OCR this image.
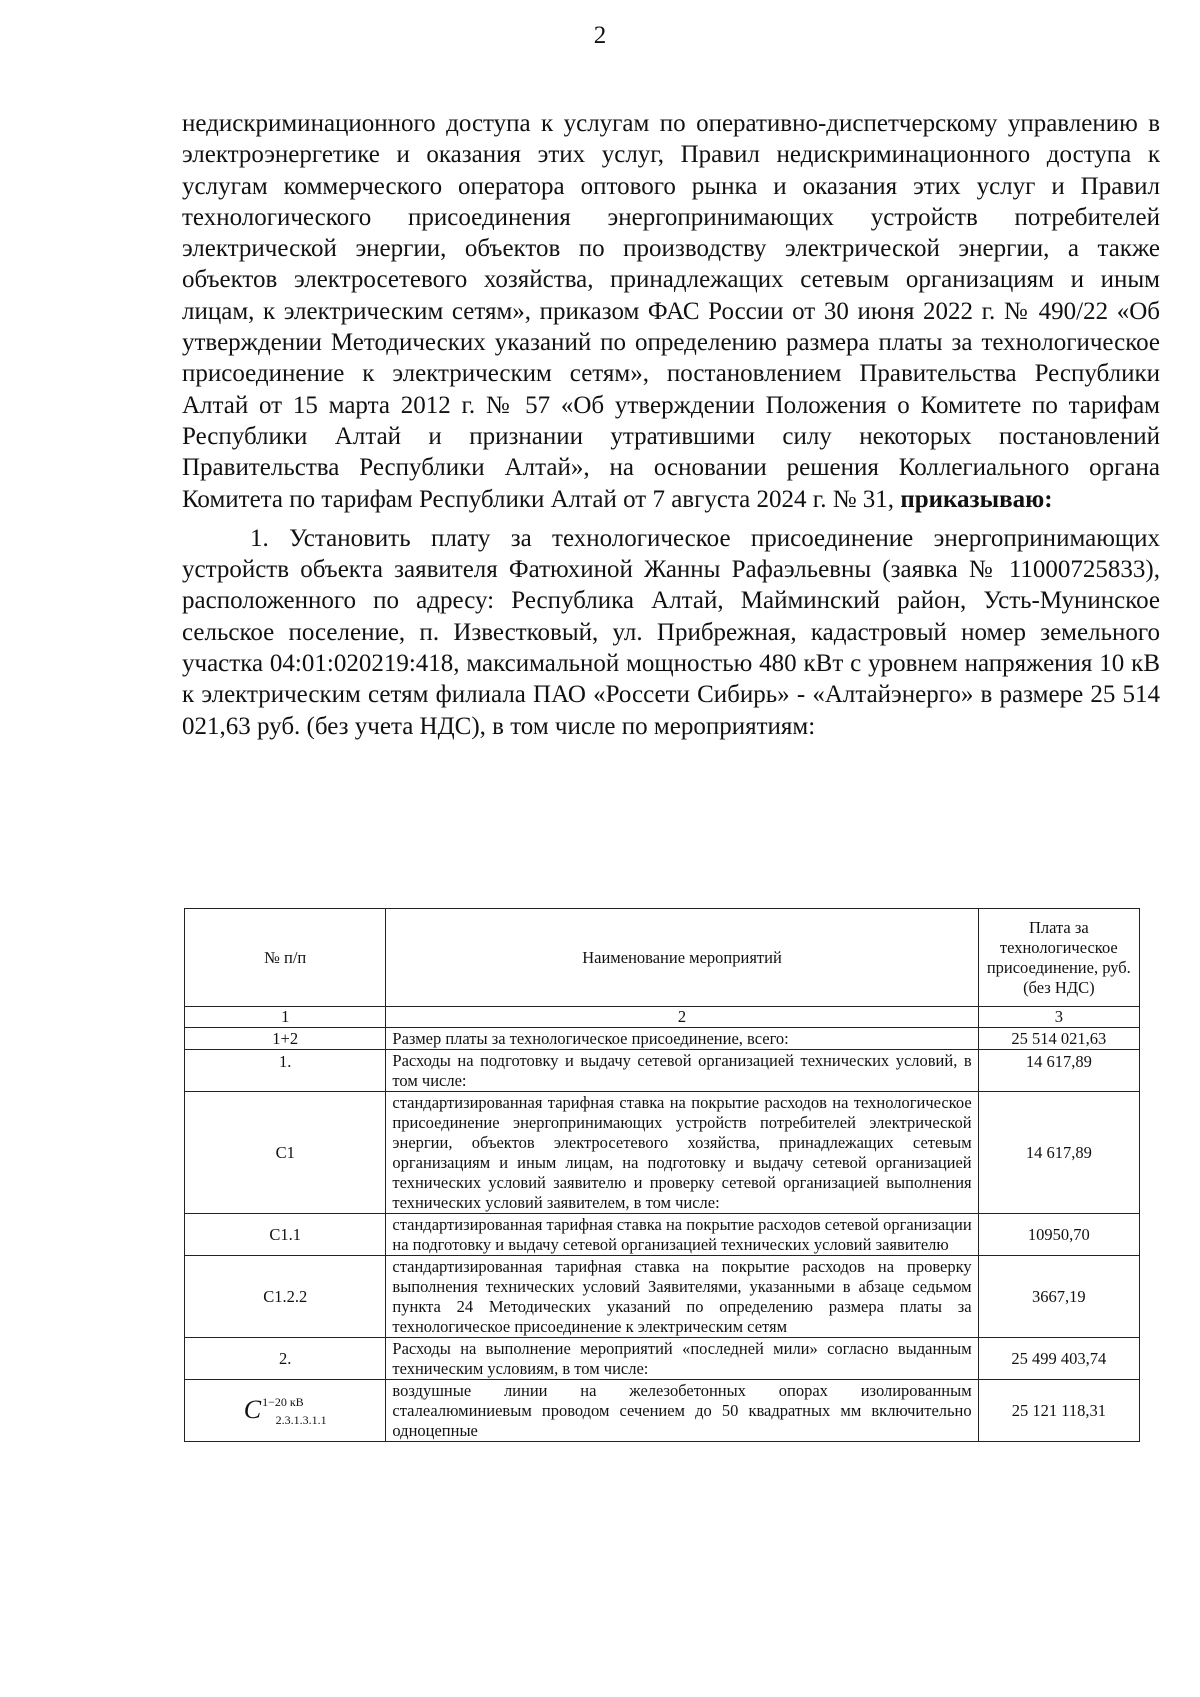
2

недискриминационного доступа к услугам по оперативно-диспетчерскому управлению в электроэнергетике и оказания этих услуг, Правил недискриминационного доступа к услугам коммерческого оператора оптового рынка и оказания этих услуг и Правил технологического присоединения энергопринимающих устройств потребителей электрической энергии, объектов по производству электрической энергии, а также объектов электросетевого хозяйства, принадлежащих сетевым организациям и иным лицам, к электрическим сетям», приказом ФАС России от 30 июня 2022 г. № 490/22 «Об утверждении Методических указаний по определению размера платы за технологическое присоединение к электрическим сетям», постановлением Правительства Республики Алтай от 15 марта 2012 г. № 57 «Об утверждении Положения о Комитете по тарифам Республики Алтай и признании утратившими силу некоторых постановлений Правительства Республики Алтай», на основании решения Коллегиального органа Комитета по тарифам Республики Алтай от 7 августа 2024 г. № 31, приказываю:

1. Установить плату за технологическое присоединение энергопринимающих устройств объекта заявителя Фатюхиной Жанны Рафаэльевны (заявка № 11000725833), расположенного по адресу: Республика Алтай, Майминский район, Усть-Мунинское сельское поселение, п. Известковый, ул. Прибрежная, кадастровый номер земельного участка 04:01:020219:418, максимальной мощностью 480 кВт с уровнем напряжения 10 кВ к электрическим сетям филиала ПАО «Россети Сибирь» - «Алтайэнерго» в размере 25 514 021,63 руб. (без учета НДС), в том числе по мероприятиям:

№ п/п	Наименование мероприятий	Плата за технологическое присоединение, руб.(без НДС)
1	2	3
1+2	Размер платы за технологическое присоединение, всего:	25 514 021,63
1.	Расходы на подготовку и выдачу сетевой организацией технических условий, в том числе:	14 617,89
C1	стандартизированная тарифная ставка на покрытие расходов на технологическое присоединение энергопринимающих устройств потребителей электрической энергии, объектов электросетевого хозяйства, принадлежащих сетевым организациям и иным лицам, на подготовку и выдачу сетевой организацией технических условий заявителю и проверку сетевой организацией выполнения технических условий заявителем, в том числе:	14 617,89
C1.1	стандартизированная тарифная ставка на покрытие расходов сетевой организации на подготовку и выдачу сетевой организацией технических условий заявителю	10950,70
C1.2.2	стандартизированная тарифная ставка на покрытие расходов на проверку выполнения технических условий Заявителями, указанными в абзаце седьмом пункта 24 Методических указаний по определению размера платы за технологическое присоединение к электрическим сетям	3667,19
2.	Расходы на выполнение мероприятий «последней мили» согласно выданным техническим условиям, в том числе:	25 499 403,74
$C^{1-20 кВ}_{2.3.1.3.1.1}$	воздушные линии на железобетонных опорах изолированным сталеалюминиевым проводом сечением до 50 квадратных мм включительно одноцепные	25 121 118,31
